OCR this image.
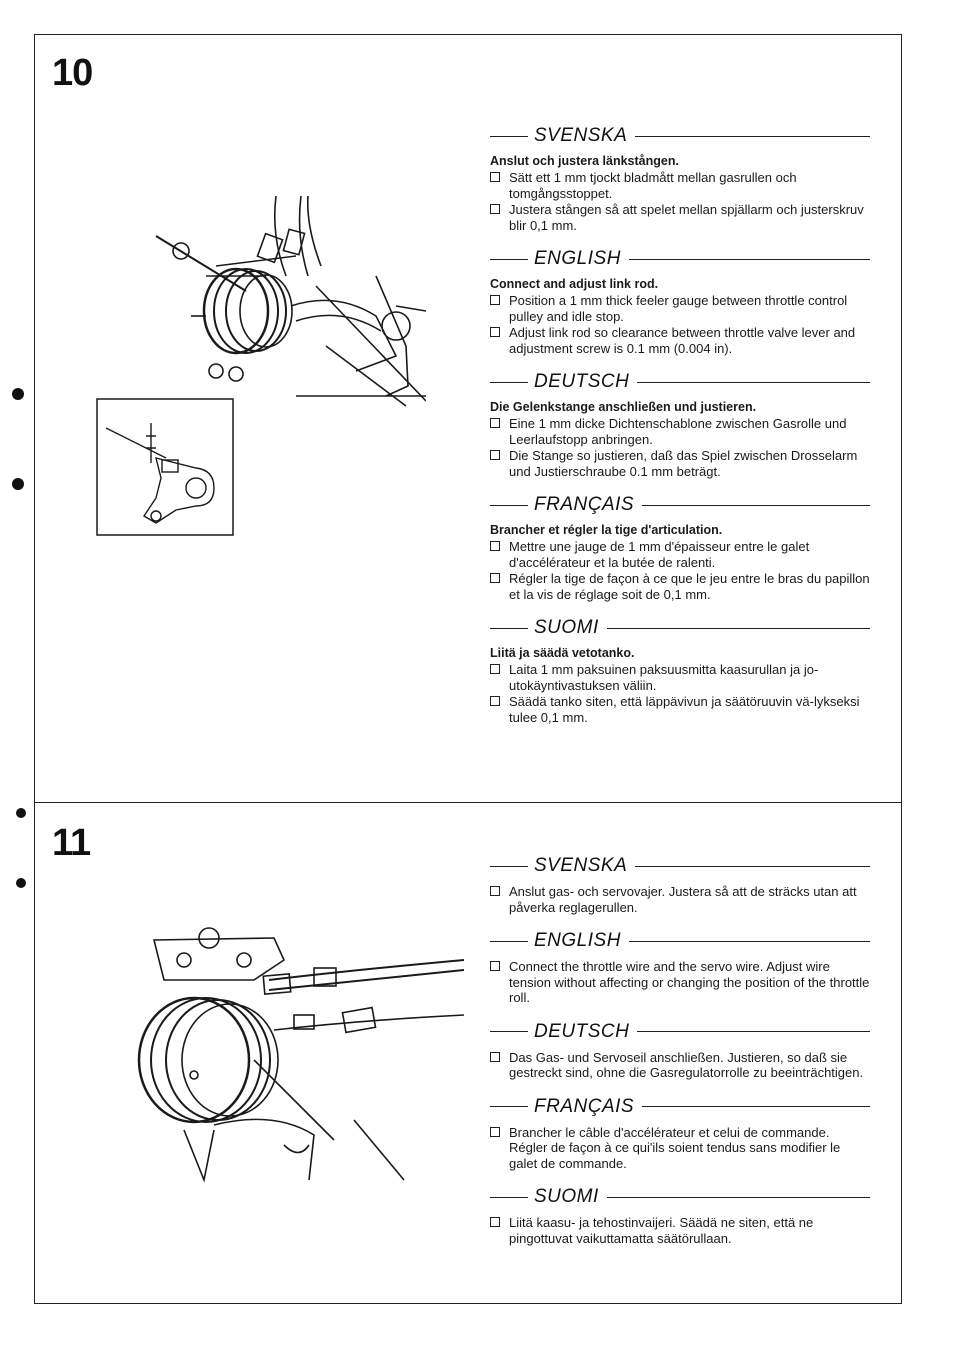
10
SVENSKA
Anslut och justera länkstången.
Sätt ett 1 mm tjockt bladmått mellan gasrullen och tomgångsstoppet.
Justera stången så att spelet mellan spjällarm och justerskruv blir 0,1 mm.
ENGLISH
Connect and adjust link rod.
Position a 1 mm thick feeler gauge between throttle control pulley and idle stop.
Adjust link rod so clearance between throttle valve lever and adjustment screw is 0.1 mm (0.004 in).
DEUTSCH
Die Gelenkstange anschließen und justieren.
Eine 1 mm dicke Dichtenschablone zwischen Gasrolle und Leerlaufstopp anbringen.
Die Stange so justieren, daß das Spiel zwischen Drosselarm und Justierschraube 0.1 mm beträgt.
FRANÇAIS
Brancher et régler la tige d'articulation.
Mettre une jauge de 1 mm d'épaisseur entre le galet d'accélérateur et la butée de ralenti.
Régler la tige de façon à ce que le jeu entre le bras du papillon et la vis de réglage soit de 0,1 mm.
SUOMI
Liitä ja säädä vetotanko.
Laita 1 mm paksuinen paksuusmitta kaasurullan ja jo-utokäyntivastuksen väliin.
Säädä tanko siten, että läppävivun ja säätöruuvin vä-lykseksi tulee 0,1 mm.
11
SVENSKA
Anslut gas- och servovajer. Justera så att de sträcks utan att påverka reglagerullen.
ENGLISH
Connect the throttle wire and the servo wire. Adjust wire tension without affecting or changing the position of the throttle roll.
DEUTSCH
Das Gas- und Servoseil anschließen. Justieren, so daß sie gestreckt sind, ohne die Gasregulatorrolle zu beeinträchtigen.
FRANÇAIS
Brancher le câble d'accélérateur et celui de commande. Régler de façon à ce qui'ils soient tendus sans modifier le galet de commande.
SUOMI
Liitä kaasu- ja tehostinvaijeri. Säädä ne siten, että ne pingottuvat vaikuttamatta säätörullaan.
